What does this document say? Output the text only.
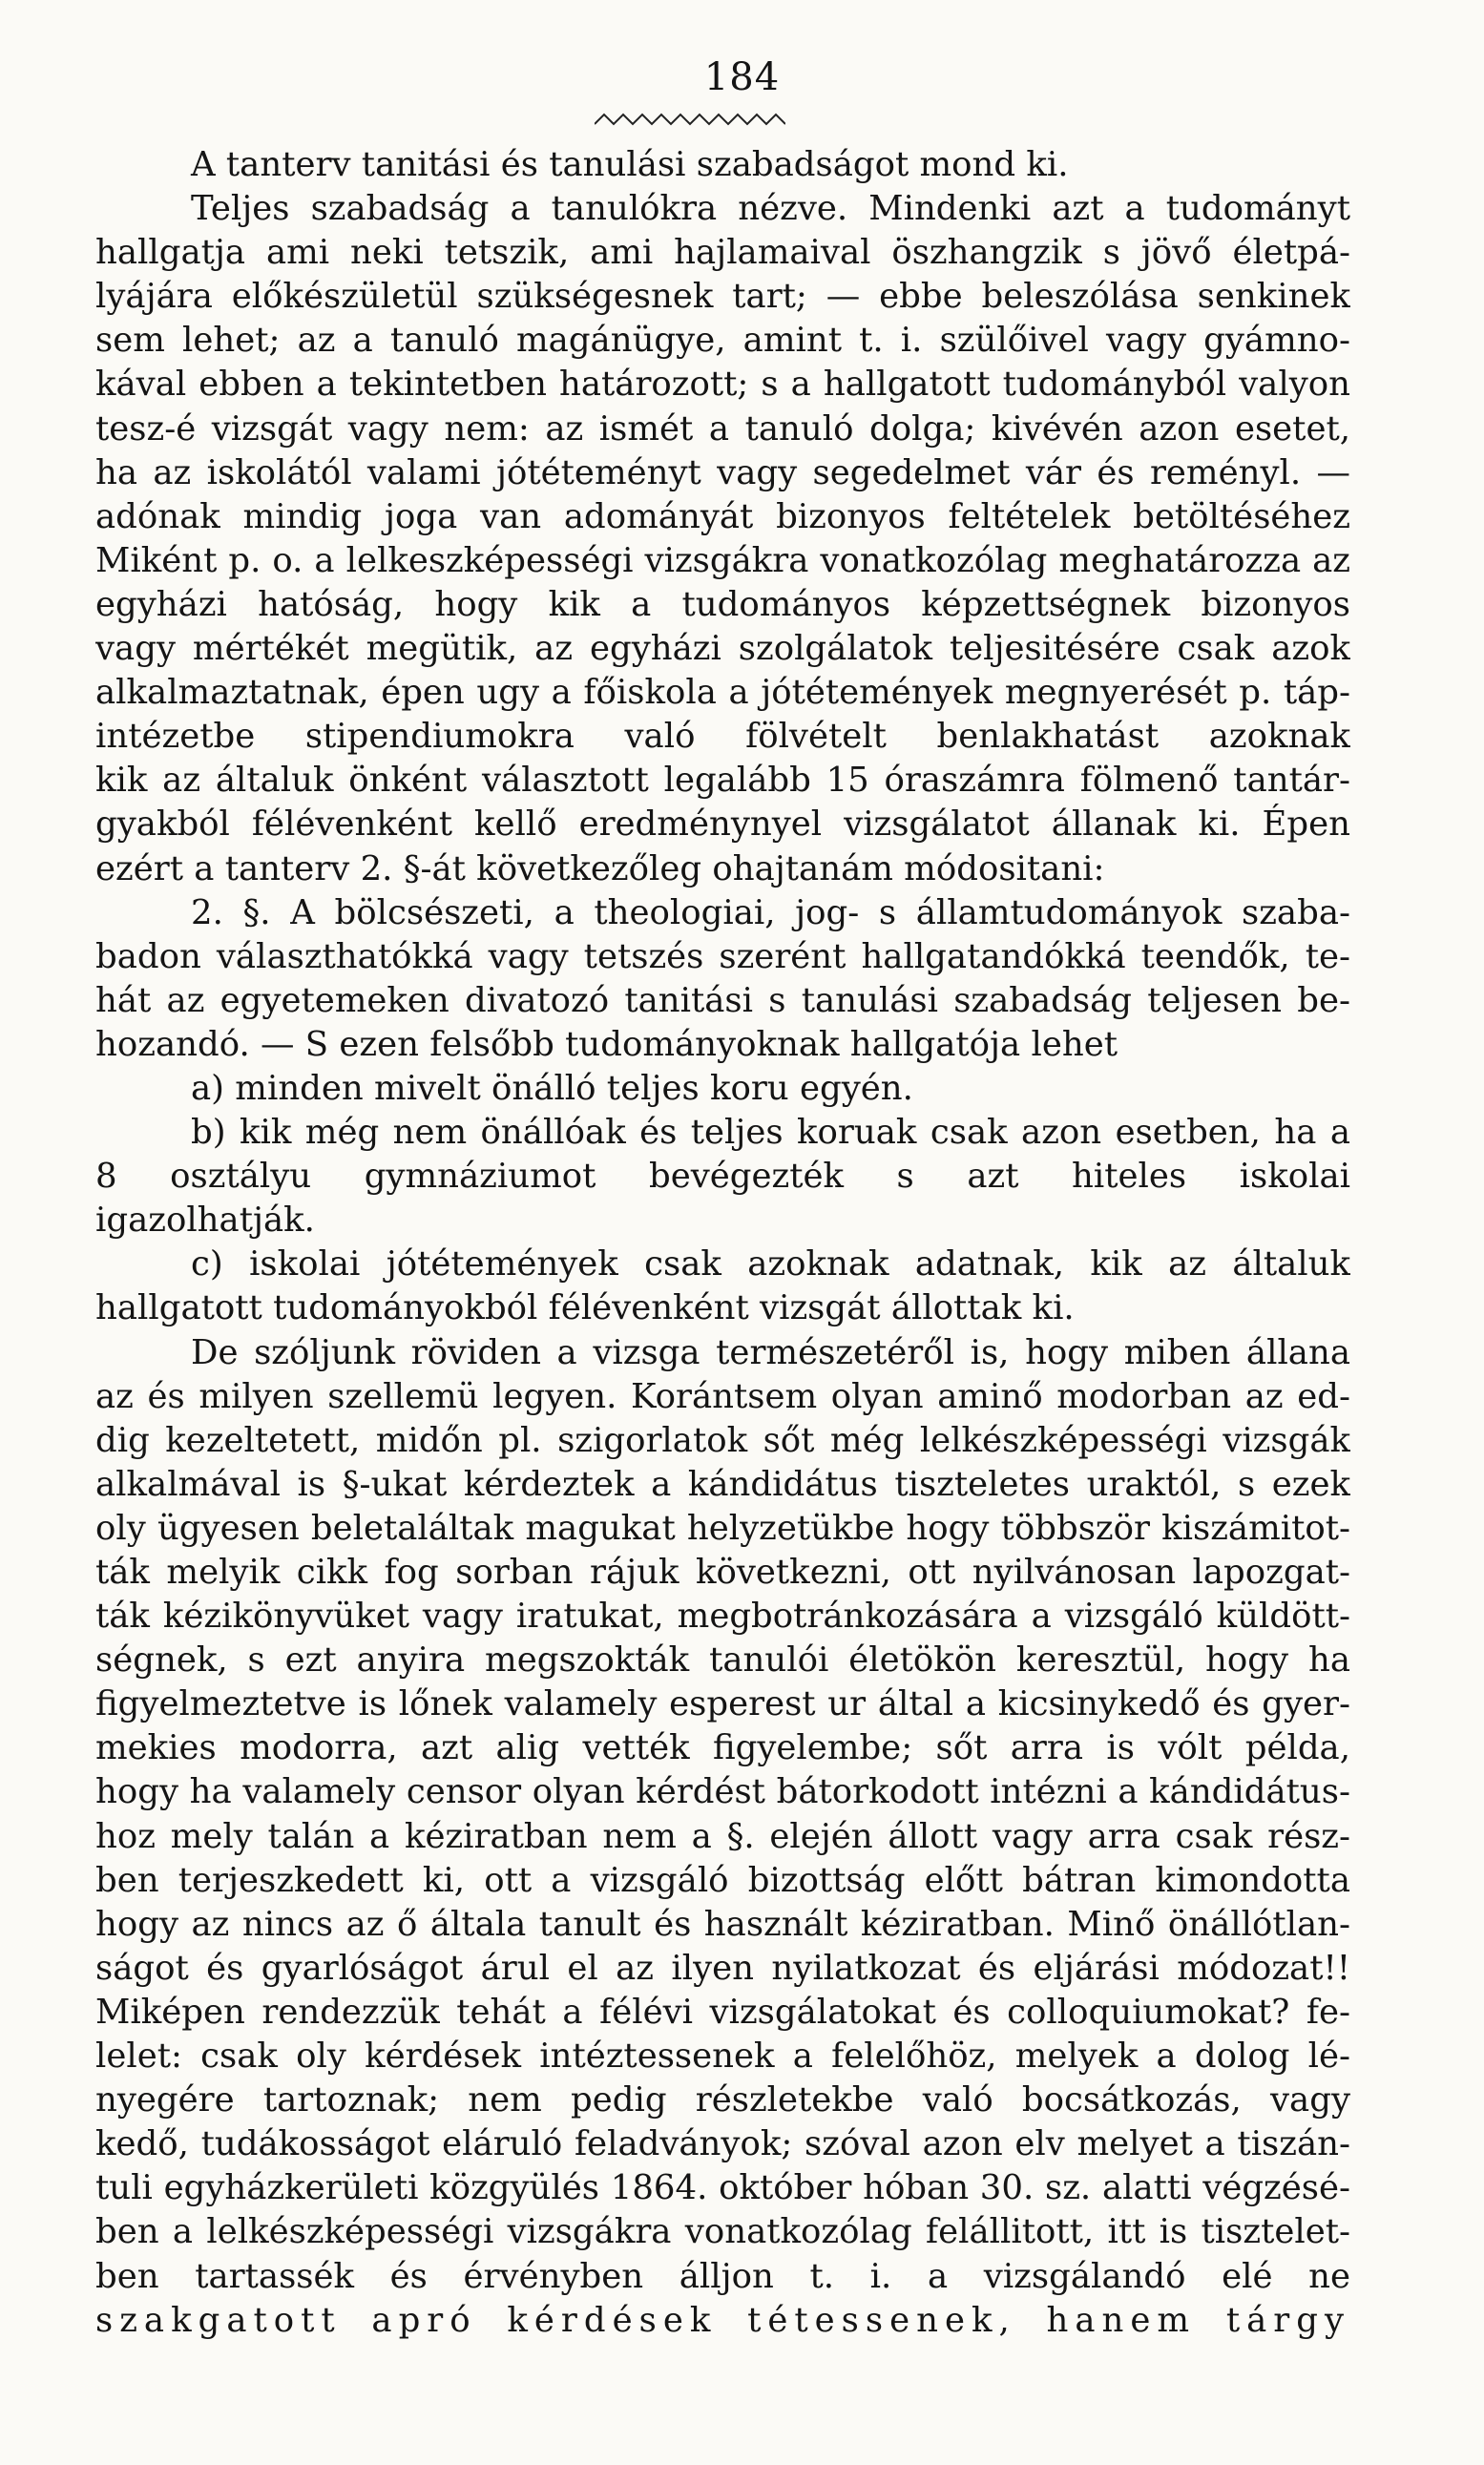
184
A tanterv tanitási és tanulási szabadságot mond ki.
Teljes szabadság a tanulókra nézve. Mindenki azt a tudományt
hallgatja ami neki tetszik, ami hajlamaival öszhangzik s jövő életpá-
lyájára előkészületül szükségesnek tart; — ebbe beleszólása senkinek
sem lehet; az a tanuló magánügye, amint t. i. szülőivel vagy gyámno-
kával ebben a tekintetben határozott; s a hallgatott tudományból valyon
tesz-é vizsgát vagy nem: az ismét a tanuló dolga; kivévén azon esetet,
ha az iskolától valami jótéteményt vagy segedelmet vár és reményl. —
adónak mindig joga van adományát bizonyos feltételek betöltéséhez
Miként p. o. a lelkeszképességi vizsgákra vonatkozólag meghatározza az
egyházi hatóság, hogy kik a tudományos képzettségnek bizonyos
vagy mértékét megütik, az egyházi szolgálatok teljesitésére csak azok
alkalmaztatnak, épen ugy a főiskola a jótétemények megnyerését p. táp-
intézetbe stipendiumokra való fölvételt benlakhatást azoknak
kik az általuk önként választott legalább 15 óraszámra fölmenő tantár-
gyakból félévenként kellő eredménynyel vizsgálatot állanak ki. Épen
ezért a tanterv 2. §-át következőleg ohajtanám módositani:
2. §. A bölcsészeti, a theologiai, jog- s államtudományok szaba-
badon választhatókká vagy tetszés szerént hallgatandókká teendők, te-
hát az egyetemeken divatozó tanitási s tanulási szabadság teljesen be-
hozandó. — S ezen felsőbb tudományoknak hallgatója lehet
a) minden mivelt önálló teljes koru egyén.
b) kik még nem önállóak és teljes koruak csak azon esetben, ha a
8 osztályu gymnáziumot bevégezték s azt hiteles iskolai
igazolhatják.
c) iskolai jótétemények csak azoknak adatnak, kik az általuk
hallgatott tudományokból félévenként vizsgát állottak ki.
De szóljunk röviden a vizsga természetéről is, hogy miben állana
az és milyen szellemü legyen. Korántsem olyan aminő modorban az ed-
dig kezeltetett, midőn pl. szigorlatok sőt még lelkészképességi vizsgák
alkalmával is §-ukat kérdeztek a kándidátus tiszteletes uraktól, s ezek
oly ügyesen beletaláltak magukat helyzetükbe hogy többször kiszámitot-
ták melyik cikk fog sorban rájuk következni, ott nyilvánosan lapozgat-
ták kézikönyvüket vagy iratukat, megbotránkozására a vizsgáló küldött-
ségnek, s ezt anyira megszokták tanulói életökön keresztül, hogy ha
figyelmeztetve is lőnek valamely esperest ur által a kicsinykedő és gyer-
mekies modorra, azt alig vették figyelembe; sőt arra is vólt példa,
hogy ha valamely censor olyan kérdést bátorkodott intézni a kándidátus-
hoz mely talán a kéziratban nem a §. elején állott vagy arra csak rész-
ben terjeszkedett ki, ott a vizsgáló bizottság előtt bátran kimondotta
hogy az nincs az ő általa tanult és használt kéziratban. Minő önállótlan-
ságot és gyarlóságot árul el az ilyen nyilatkozat és eljárási módozat!!
Miképen rendezzük tehát a félévi vizsgálatokat és colloquiumokat? fe-
lelet: csak oly kérdések intéztessenek a felelőhöz, melyek a dolog lé-
nyegére tartoznak; nem pedig részletekbe való bocsátkozás, vagy
kedő, tudákosságot eláruló feladványok; szóval azon elv melyet a tiszán-
tuli egyházkerületi közgyülés 1864. október hóban 30. sz. alatti végzésé-
ben a lelkészképességi vizsgákra vonatkozólag felállitott, itt is tisztelet-
ben tartassék és érvényben álljon t. i. a vizsgálandó elé ne
szakgatott apró kérdések tétessenek, hanem tárgy
